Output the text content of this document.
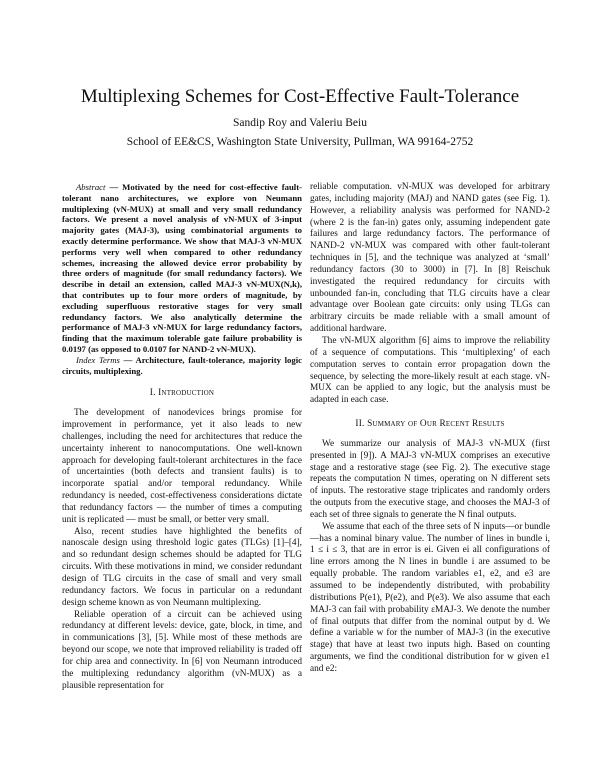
Multiplexing Schemes for Cost-Effective Fault-Tolerance
Sandip Roy and Valeriu Beiu
School of EE&CS, Washington State University, Pullman, WA 99164-2752

Abstract — Motivated by the need for cost-effective fault-tolerant nano architectures, we explore von Neumann multiplexing (vN-MUX) at small and very small redundancy factors. We present a novel analysis of vN-MUX of 3-input majority gates (MAJ-3), using combinatorial arguments to exactly determine performance. We show that MAJ-3 vN-MUX performs very well when compared to other redundancy schemes, increasing the allowed device error probability by three orders of magnitude (for small redundancy factors). We describe in detail an extension, called MAJ-3 vN-MUX(N,k), that contributes up to four more orders of magnitude, by excluding superfluous restorative stages for very small redundancy factors. We also analytically determine the performance of MAJ-3 vN-MUX for large redundancy factors, finding that the maximum tolerable gate failure probability is 0.0197 (as opposed to 0.0107 for NAND-2 vN-MUX).

Index Terms — Architecture, fault-tolerance, majority logic circuits, multiplexing.

I. Introduction

The development of nanodevices brings promise for improvement in performance, yet it also leads to new challenges, including the need for architectures that reduce the uncertainty inherent to nanocomputations. One well-known approach for developing fault-tolerant architectures in the face of uncertainties (both defects and transient faults) is to incorporate spatial and/or temporal redundancy. While redundancy is needed, cost-effectiveness considerations dictate that redundancy factors — the number of times a computing unit is replicated — must be small, or better very small.

Also, recent studies have highlighted the benefits of nanoscale design using threshold logic gates (TLGs) [1]–[4], and so redundant design schemes should be adapted for TLG circuits. With these motivations in mind, we consider redundant design of TLG circuits in the case of small and very small redundancy factors. We focus in particular on a redundant design scheme known as von Neumann multiplexing.

Reliable operation of a circuit can be achieved using redundancy at different levels: device, gate, block, in time, and in communications [3], [5]. While most of these methods are beyond our scope, we note that improved reliability is traded off for chip area and connectivity. In [6] von Neumann introduced the multiplexing redundancy algorithm (vN-MUX) as a plausible representation for

reliable computation. vN-MUX was developed for arbitrary gates, including majority (MAJ) and NAND gates (see Fig. 1). However, a reliability analysis was performed for NAND-2 (where 2 is the fan-in) gates only, assuming independent gate failures and large redundancy factors. The performance of NAND-2 vN-MUX was compared with other fault-tolerant techniques in [5], and the technique was analyzed at ‘small’ redundancy factors (30 to 3000) in [7]. In [8] Reischuk investigated the required redundancy for circuits with unbounded fan-in, concluding that TLG circuits have a clear advantage over Boolean gate circuits: only using TLGs can arbitrary circuits be made reliable with a small amount of additional hardware.

The vN-MUX algorithm [6] aims to improve the reliability of a sequence of computations. This ‘multiplexing’ of each computation serves to contain error propagation down the sequence, by selecting the more-likely result at each stage. vN-MUX can be applied to any logic, but the analysis must be adapted in each case.

II. Summary of Our Recent Results

We summarize our analysis of MAJ-3 vN-MUX (first presented in [9]). A MAJ-3 vN-MUX comprises an executive stage and a restorative stage (see Fig. 2). The executive stage repeats the computation N times, operating on N different sets of inputs. The restorative stage triplicates and randomly orders the outputs from the executive stage, and chooses the MAJ-3 of each set of three signals to generate the N final outputs.

We assume that each of the three sets of N inputs—or bundle—has a nominal binary value. The number of lines in bundle i, 1 ≤ i ≤ 3, that are in error is ei. Given ei all configurations of line errors among the N lines in bundle i are assumed to be equally probable. The random variables e1, e2, and e3 are assumed to be independently distributed, with probability distributions P(e1), P(e2), and P(e3). We also assume that each MAJ-3 can fail with probability εMAJ-3. We denote the number of final outputs that differ from the nominal output by d. We define a variable w for the number of MAJ-3 (in the executive stage) that have at least two inputs high. Based on counting arguments, we find the conditional distribution for w given e1 and e2:
